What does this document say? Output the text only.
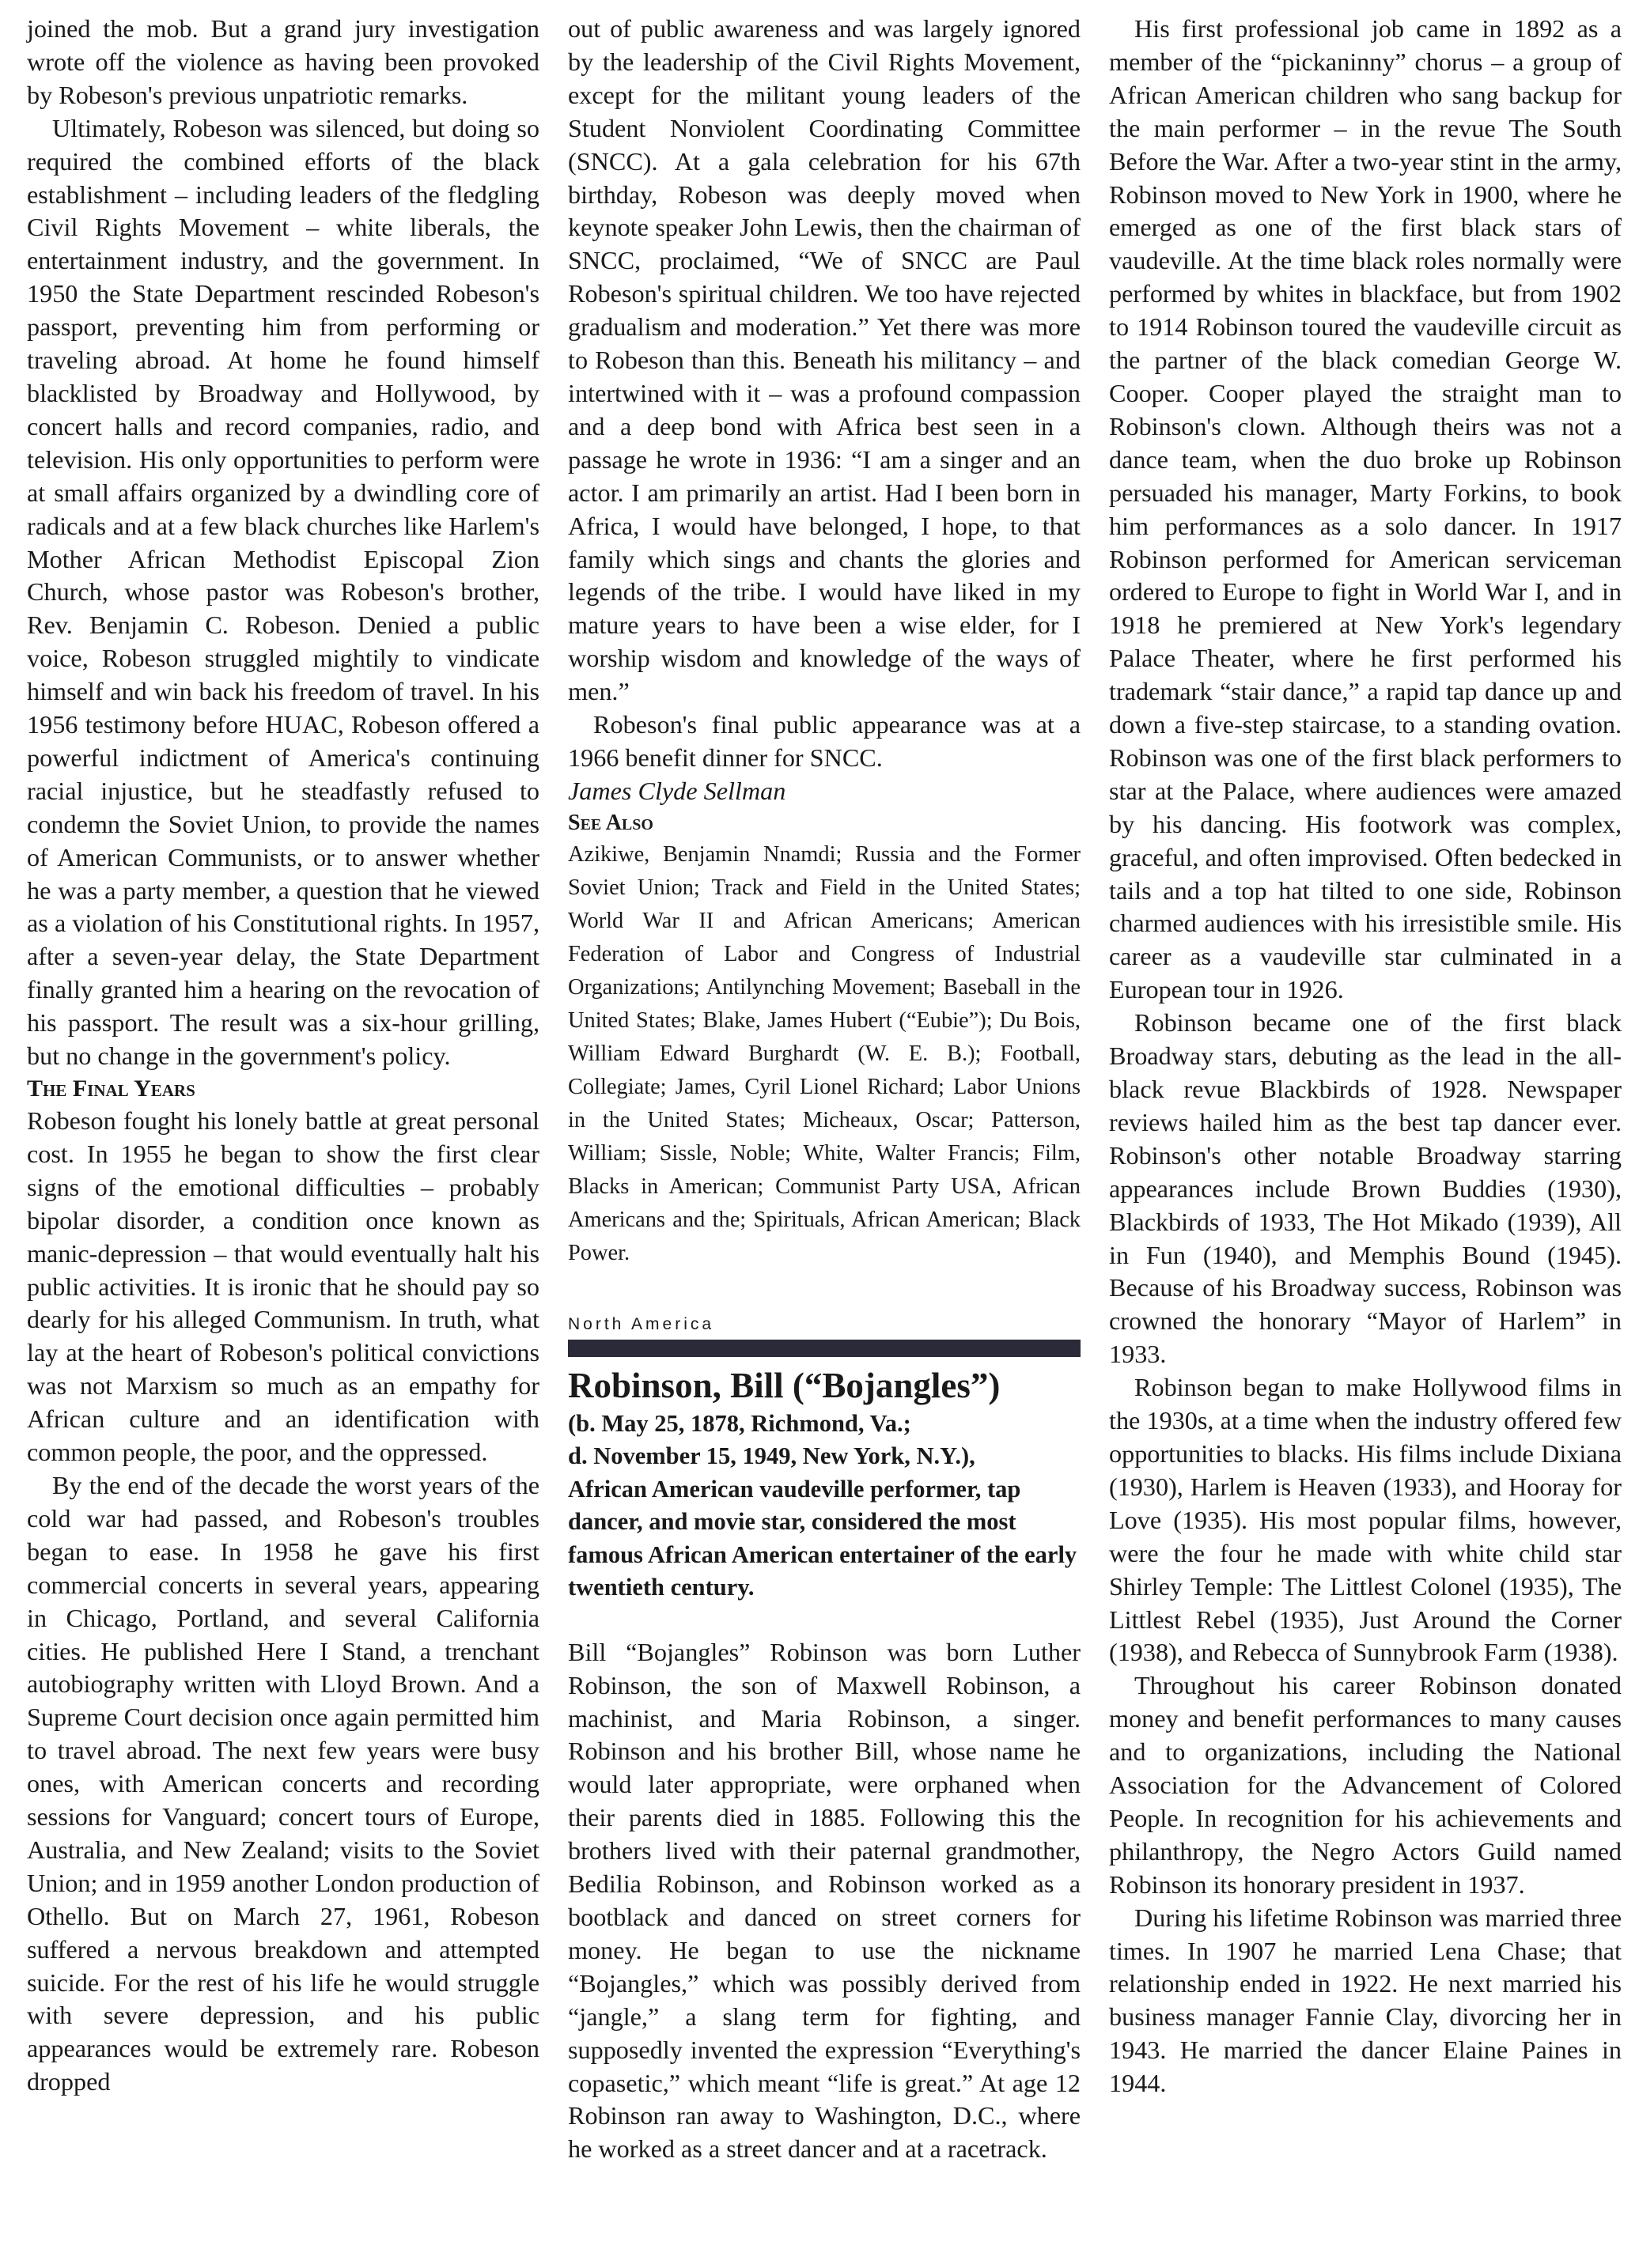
joined the mob. But a grand jury investigation wrote off the violence as having been provoked by Robeson's previous unpatriotic remarks.

Ultimately, Robeson was silenced, but doing so required the combined efforts of the black establishment – including leaders of the fledgling Civil Rights Movement – white liberals, the entertainment industry, and the government. In 1950 the State Department rescinded Robeson's passport, preventing him from performing or traveling abroad. At home he found himself blacklisted by Broadway and Hollywood, by concert halls and record companies, radio, and television. His only opportunities to perform were at small affairs organized by a dwindling core of radicals and at a few black churches like Harlem's Mother African Methodist Episcopal Zion Church, whose pastor was Robeson's brother, Rev. Benjamin C. Robeson. Denied a public voice, Robeson struggled mightily to vindicate himself and win back his freedom of travel. In his 1956 testimony before HUAC, Robeson offered a powerful indictment of America's continuing racial injustice, but he steadfastly refused to condemn the Soviet Union, to provide the names of American Communists, or to answer whether he was a party member, a question that he viewed as a violation of his Constitutional rights. In 1957, after a seven-year delay, the State Department finally granted him a hearing on the revocation of his passport. The result was a six-hour grilling, but no change in the government's policy.

The Final Years

Robeson fought his lonely battle at great personal cost. In 1955 he began to show the first clear signs of the emotional difficulties – probably bipolar disorder, a condition once known as manic-depression – that would eventually halt his public activities. It is ironic that he should pay so dearly for his alleged Communism. In truth, what lay at the heart of Robeson's political convictions was not Marxism so much as an empathy for African culture and an identification with common people, the poor, and the oppressed.

By the end of the decade the worst years of the cold war had passed, and Robeson's troubles began to ease. In 1958 he gave his first commercial concerts in several years, appearing in Chicago, Portland, and several California cities. He published Here I Stand, a trenchant autobiography written with Lloyd Brown. And a Supreme Court decision once again permitted him to travel abroad. The next few years were busy ones, with American concerts and recording sessions for Vanguard; concert tours of Europe, Australia, and New Zealand; visits to the Soviet Union; and in 1959 another London production of Othello. But on March 27, 1961, Robeson suffered a nervous breakdown and attempted suicide. For the rest of his life he would struggle with severe depression, and his public appearances would be extremely rare. Robeson dropped

out of public awareness and was largely ignored by the leadership of the Civil Rights Movement, except for the militant young leaders of the Student Nonviolent Coordinating Committee (SNCC). At a gala celebration for his 67th birthday, Robeson was deeply moved when keynote speaker John Lewis, then the chairman of SNCC, proclaimed, “We of SNCC are Paul Robeson's spiritual children. We too have rejected gradualism and moderation.” Yet there was more to Robeson than this. Beneath his militancy – and intertwined with it – was a profound compassion and a deep bond with Africa best seen in a passage he wrote in 1936: “I am a singer and an actor. I am primarily an artist. Had I been born in Africa, I would have belonged, I hope, to that family which sings and chants the glories and legends of the tribe. I would have liked in my mature years to have been a wise elder, for I worship wisdom and knowledge of the ways of men.”

Robeson's final public appearance was at a 1966 benefit dinner for SNCC.

James Clyde Sellman

See Also

Azikiwe, Benjamin Nnamdi; Russia and the Former Soviet Union; Track and Field in the United States; World War II and African Americans; American Federation of Labor and Congress of Industrial Organizations; Antilynching Movement; Baseball in the United States; Blake, James Hubert (“Eubie”); Du Bois, William Edward Burghardt (W. E. B.); Football, Collegiate; James, Cyril Lionel Richard; Labor Unions in the United States; Micheaux, Oscar; Patterson, William; Sissle, Noble; White, Walter Francis; Film, Blacks in American; Communist Party USA, African Americans and the; Spirituals, African American; Black Power.

North America

Robinson, Bill (“Bojangles”)

(b. May 25, 1878, Richmond, Va.;
d. November 15, 1949, New York, N.Y.),
African American vaudeville performer, tap dancer, and movie star, considered the most famous African American entertainer of the early twentieth century.

Bill “Bojangles” Robinson was born Luther Robinson, the son of Maxwell Robinson, a machinist, and Maria Robinson, a singer. Robinson and his brother Bill, whose name he would later appropriate, were orphaned when their parents died in 1885. Following this the brothers lived with their paternal grandmother, Bedilia Robinson, and Robinson worked as a bootblack and danced on street corners for money. He began to use the nickname “Bojangles,” which was possibly derived from “jangle,” a slang term for fighting, and supposedly invented the expression “Everything's copasetic,” which meant “life is great.” At age 12 Robinson ran away to Washington, D.C., where he worked as a street dancer and at a racetrack.

His first professional job came in 1892 as a member of the “pickaninny” chorus – a group of African American children who sang backup for the main performer – in the revue The South Before the War. After a two-year stint in the army, Robinson moved to New York in 1900, where he emerged as one of the first black stars of vaudeville. At the time black roles normally were performed by whites in blackface, but from 1902 to 1914 Robinson toured the vaudeville circuit as the partner of the black comedian George W. Cooper. Cooper played the straight man to Robinson's clown. Although theirs was not a dance team, when the duo broke up Robinson persuaded his manager, Marty Forkins, to book him performances as a solo dancer. In 1917 Robinson performed for American serviceman ordered to Europe to fight in World War I, and in 1918 he premiered at New York's legendary Palace Theater, where he first performed his trademark “stair dance,” a rapid tap dance up and down a five-step staircase, to a standing ovation. Robinson was one of the first black performers to star at the Palace, where audiences were amazed by his dancing. His footwork was complex, graceful, and often improvised. Often bedecked in tails and a top hat tilted to one side, Robinson charmed audiences with his irresistible smile. His career as a vaudeville star culminated in a European tour in 1926.

Robinson became one of the first black Broadway stars, debuting as the lead in the all-black revue Blackbirds of 1928. Newspaper reviews hailed him as the best tap dancer ever. Robinson's other notable Broadway starring appearances include Brown Buddies (1930), Blackbirds of 1933, The Hot Mikado (1939), All in Fun (1940), and Memphis Bound (1945). Because of his Broadway success, Robinson was crowned the honorary “Mayor of Harlem” in 1933.

Robinson began to make Hollywood films in the 1930s, at a time when the industry offered few opportunities to blacks. His films include Dixiana (1930), Harlem is Heaven (1933), and Hooray for Love (1935). His most popular films, however, were the four he made with white child star Shirley Temple: The Littlest Colonel (1935), The Littlest Rebel (1935), Just Around the Corner (1938), and Rebecca of Sunnybrook Farm (1938).

Throughout his career Robinson donated money and benefit performances to many causes and to organizations, including the National Association for the Advancement of Colored People. In recognition for his achievements and philanthropy, the Negro Actors Guild named Robinson its honorary president in 1937.

During his lifetime Robinson was married three times. In 1907 he married Lena Chase; that relationship ended in 1922. He next married his business manager Fannie Clay, divorcing her in 1943. He married the dancer Elaine Paines in 1944.
